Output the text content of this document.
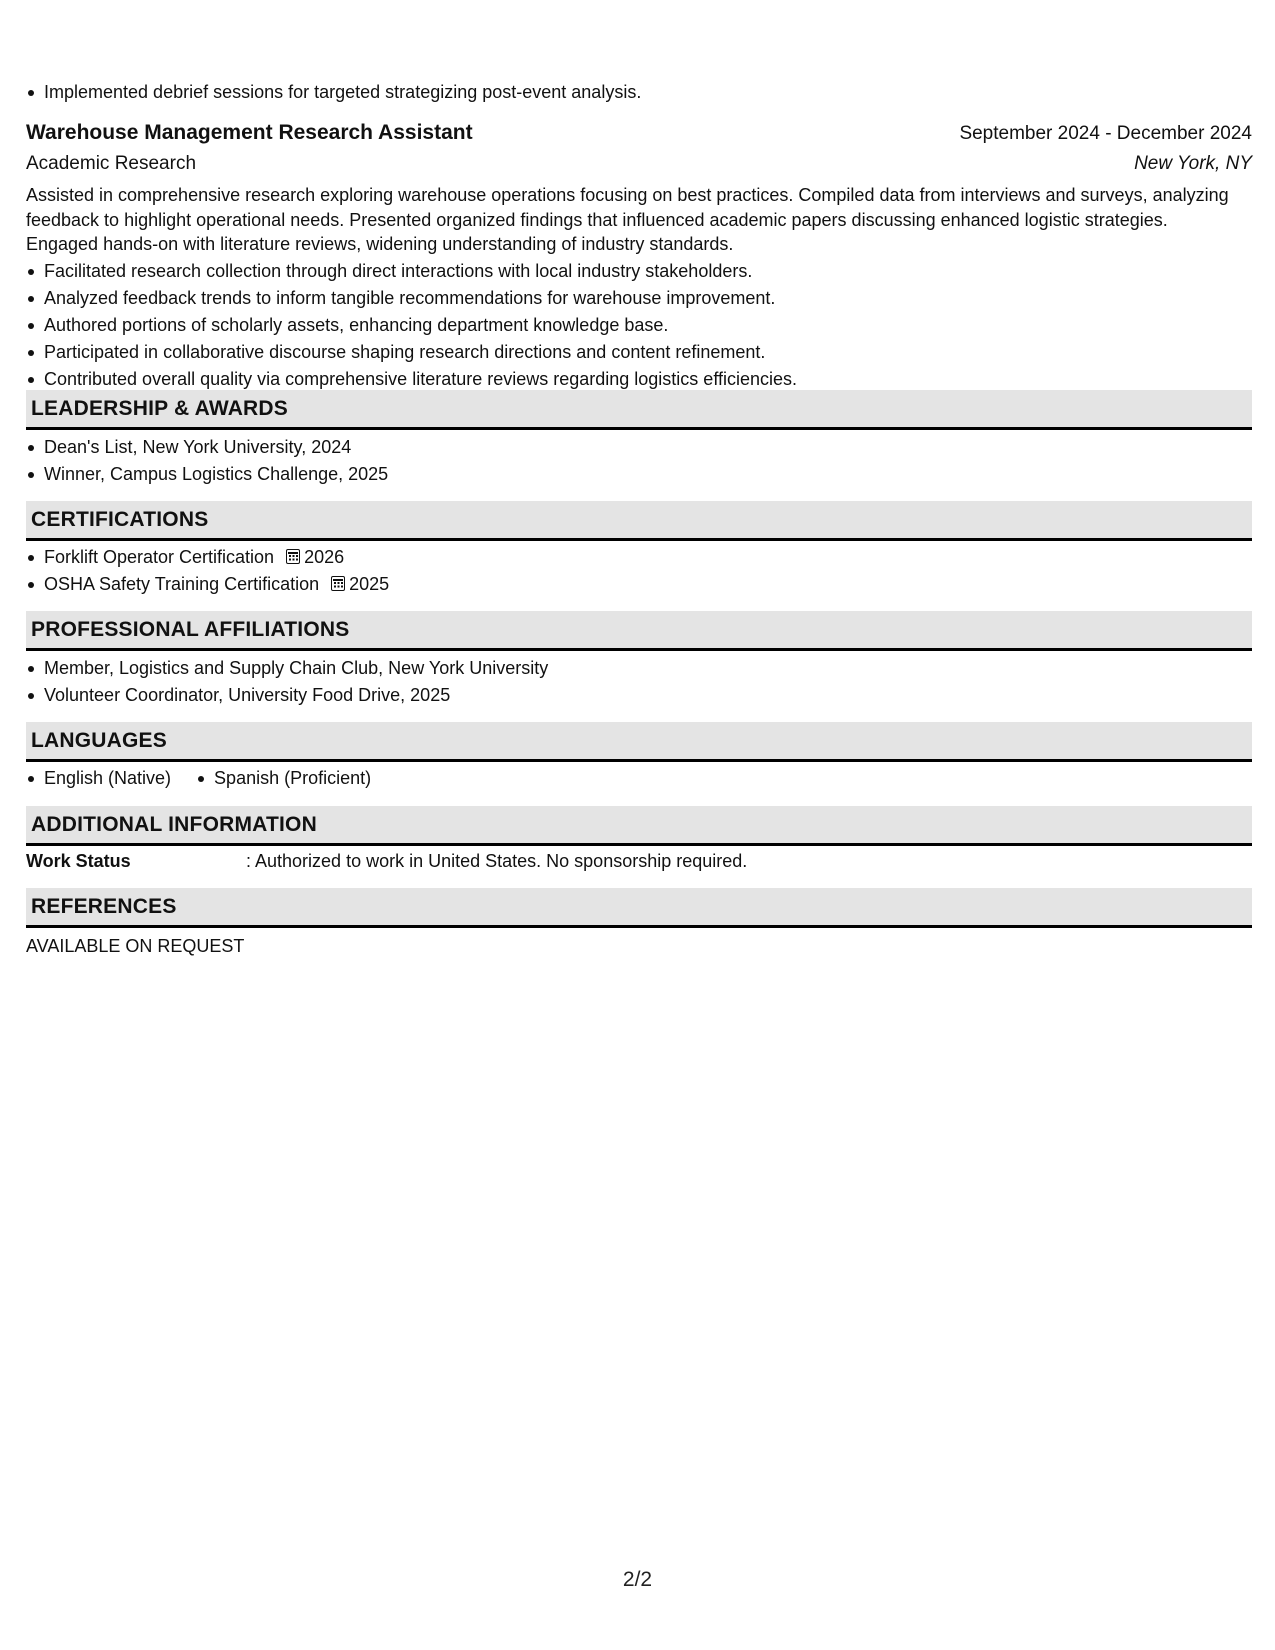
Implemented debrief sessions for targeted strategizing post-event analysis.
Warehouse Management Research Assistant	September 2024 - December 2024
Academic Research	New York, NY
Assisted in comprehensive research exploring warehouse operations focusing on best practices. Compiled data from interviews and surveys, analyzing feedback to highlight operational needs. Presented organized findings that influenced academic papers discussing enhanced logistic strategies. Engaged hands-on with literature reviews, widening understanding of industry standards.
Facilitated research collection through direct interactions with local industry stakeholders.
Analyzed feedback trends to inform tangible recommendations for warehouse improvement.
Authored portions of scholarly assets, enhancing department knowledge base.
Participated in collaborative discourse shaping research directions and content refinement.
Contributed overall quality via comprehensive literature reviews regarding logistics efficiencies.
LEADERSHIP & AWARDS
Dean's List, New York University, 2024
Winner, Campus Logistics Challenge, 2025
CERTIFICATIONS
Forklift Operator Certification 2026
OSHA Safety Training Certification 2025
PROFESSIONAL AFFILIATIONS
Member, Logistics and Supply Chain Club, New York University
Volunteer Coordinator, University Food Drive, 2025
LANGUAGES
English (Native)	Spanish (Proficient)
ADDITIONAL INFORMATION
Work Status	: Authorized to work in United States. No sponsorship required.
REFERENCES
AVAILABLE ON REQUEST
2/2
